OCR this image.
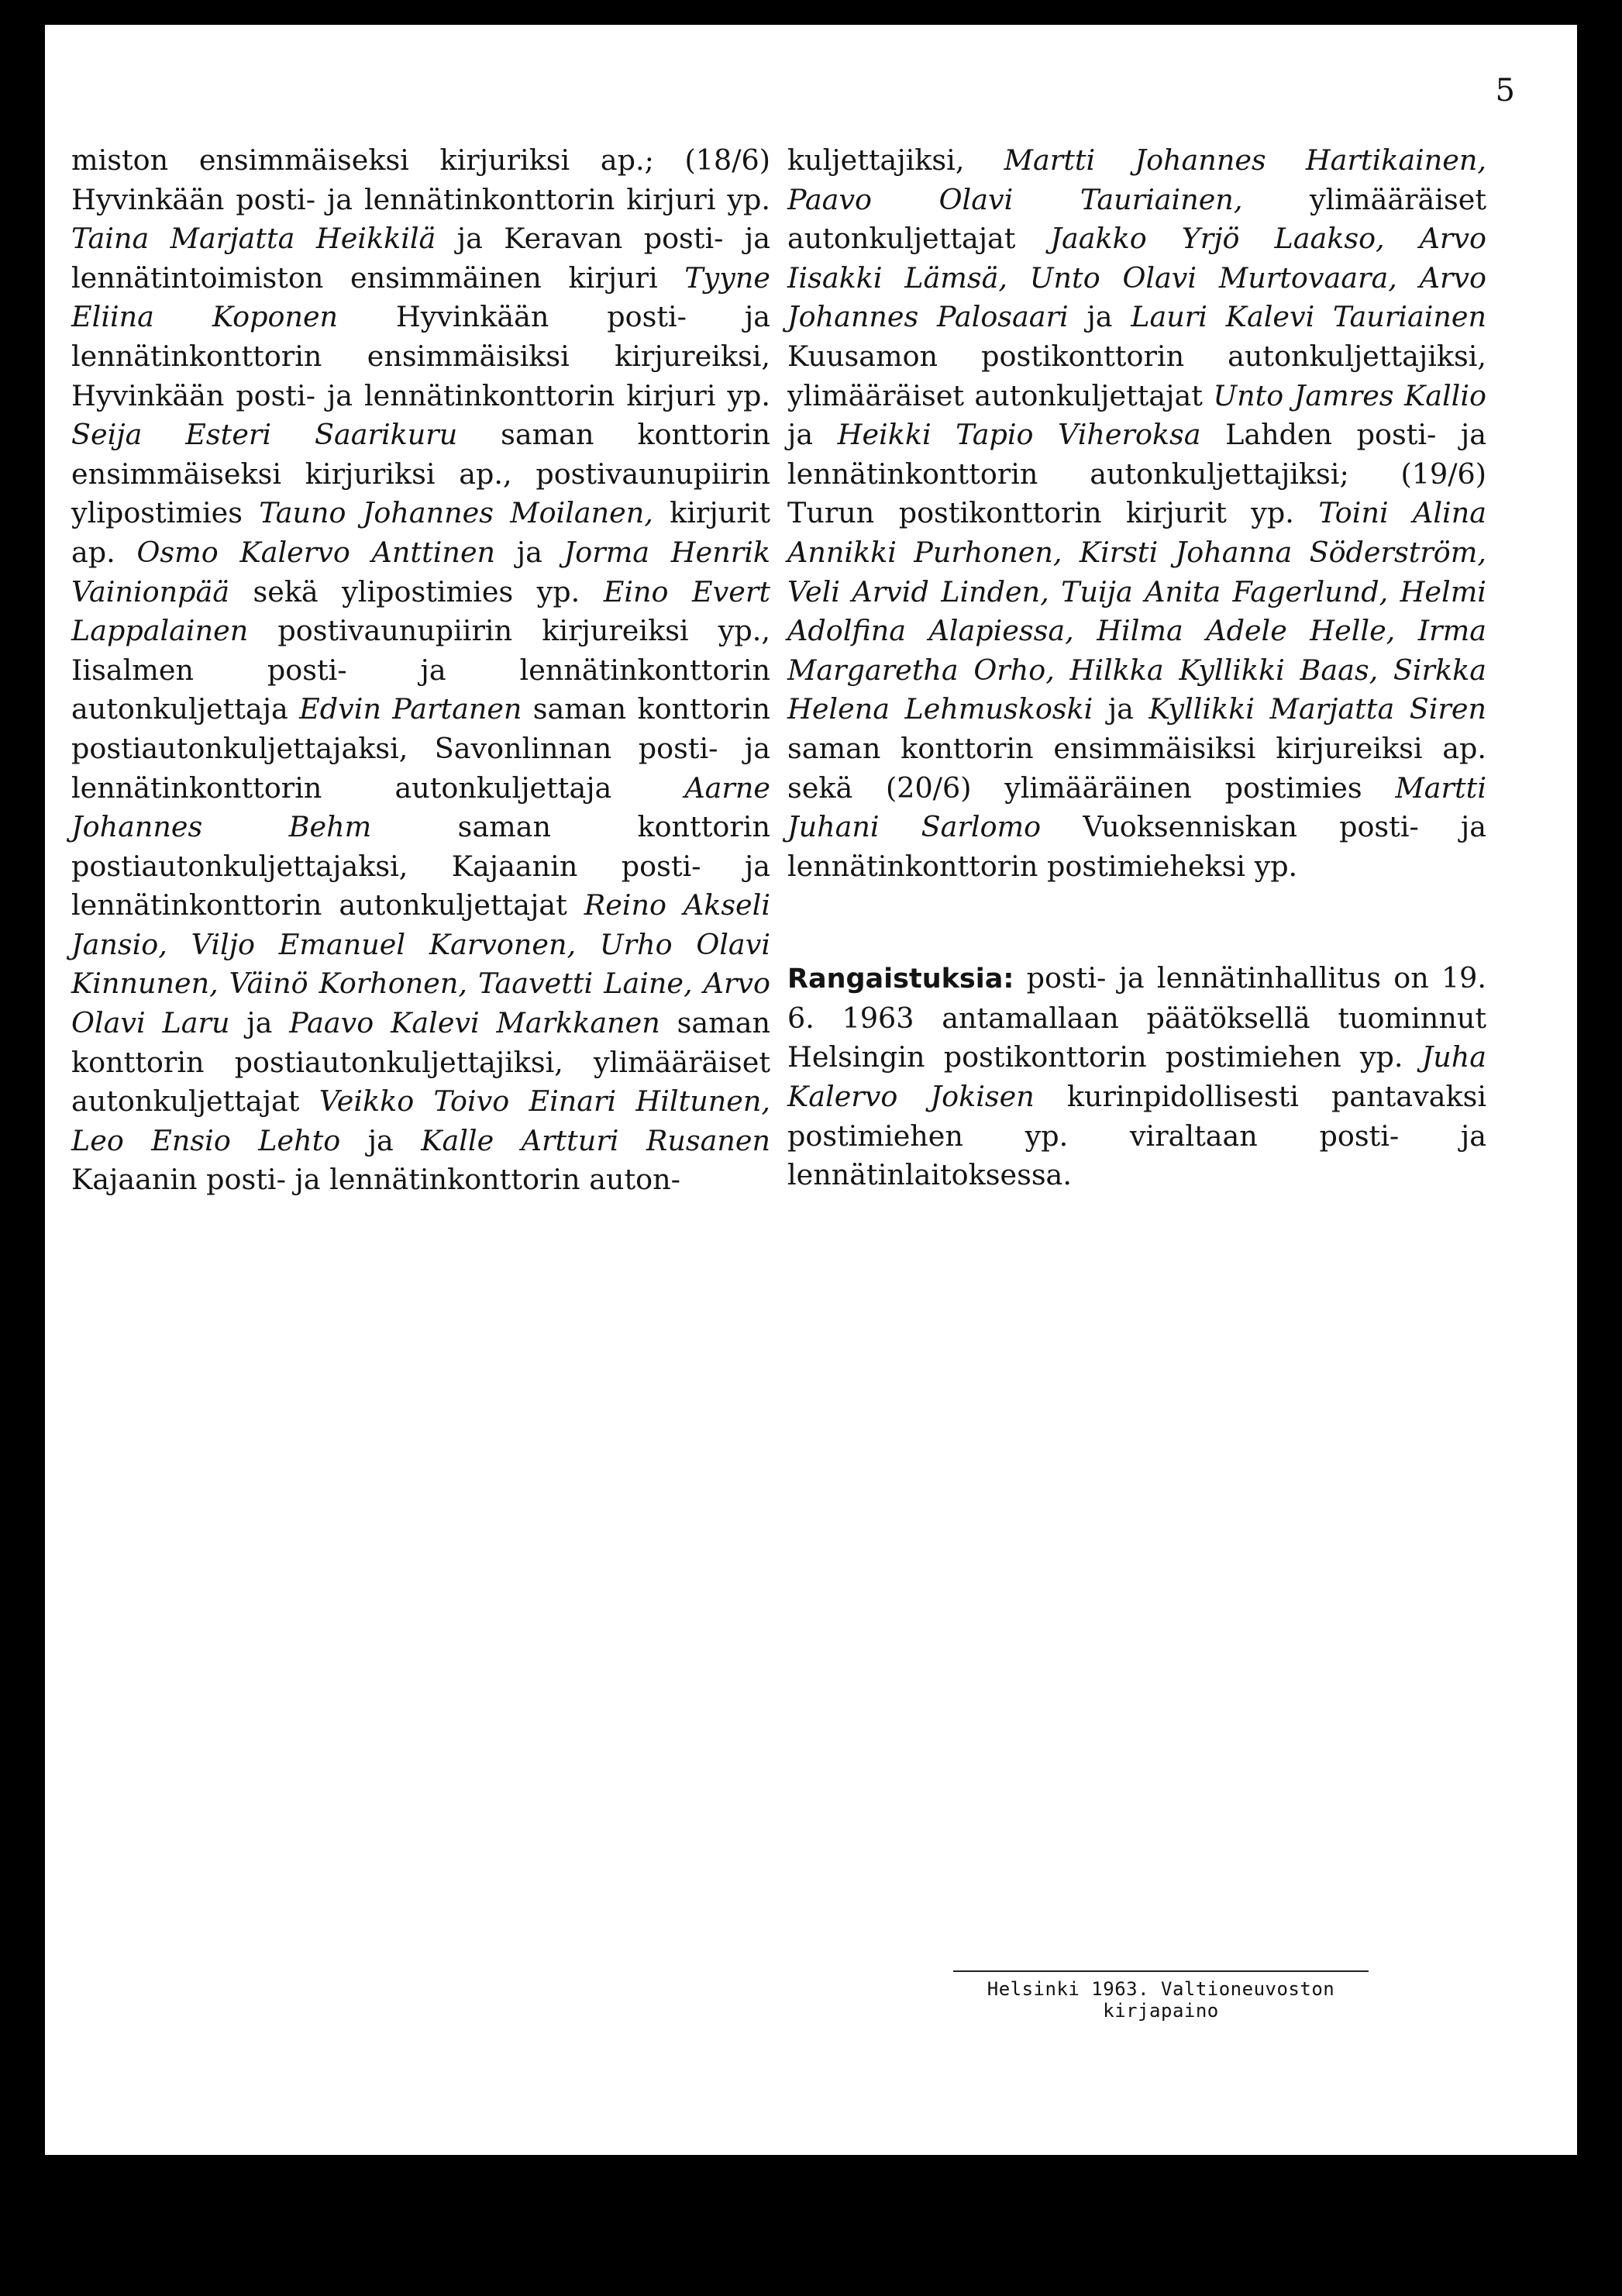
5
miston ensimmäiseksi kirjuriksi ap.; (18/6) Hyvinkään posti- ja lennätinkonttorin kirjuri yp. Taina Marjatta Heikkilä ja Keravan posti- ja lennätintoimiston ensimmäinen kirjuri Tyyne Eliina Koponen Hyvinkään posti- ja lennätinkonttorin ensimmäisiksi kirjureiksi, Hyvinkään posti- ja lennätinkonttorin kirjuri yp. Seija Esteri Saarikuru saman konttorin ensimmäiseksi kirjuriksi ap., postivaunupiirin ylipostimies Tauno Johannes Moilanen, kirjurit ap. Osmo Kalervo Anttinen ja Jorma Henrik Vainionpää sekä ylipostimies yp. Eino Evert Lappalainen postivaunupiirin kirjureiksi yp., Iisalmen posti- ja lennätinkonttorin autonkuljettaja Edvin Partanen saman konttorin postiautonkuljettajaksi, Savonlinnan posti- ja lennätinkonttorin autonkuljettaja Aarne Johannes Behm saman konttorin postiautonkuljettajaksi, Kajaanin posti- ja lennätinkonttorin autonkuljettajat Reino Akseli Jansio, Viljo Emanuel Karvonen, Urho Olavi Kinnunen, Väinö Korhonen, Taavetti Laine, Arvo Olavi Laru ja Paavo Kalevi Markkanen saman konttorin postiautonkuljettajiksi, ylimääräiset autonkuljettajat Veikko Toivo Einari Hiltunen, Leo Ensio Lehto ja Kalle Artturi Rusanen Kajaanin posti- ja lennätinkonttorin auton-
kuljettajiksi, Martti Johannes Hartikainen, Paavo Olavi Tauriainen, ylimääräiset autonkuljettajat Jaakko Yrjö Laakso, Arvo Iisakki Lämsä, Unto Olavi Murtovaara, Arvo Johannes Palosaari ja Lauri Kalevi Tauriainen Kuusamon postikonttorin autonkuljettajiksi, ylimääräiset autonkuljettajat Unto Jamres Kallio ja Heikki Tapio Viheroksa Lahden posti- ja lennätinkonttorin autonkuljettajiksi; (19/6) Turun postikonttorin kirjurit yp. Toini Alina Annikki Purhonen, Kirsti Johanna Söderström, Veli Arvid Linden, Tuija Anita Fagerlund, Helmi Adolfina Alapiessa, Hilma Adele Helle, Irma Margaretha Orho, Hilkka Kyllikki Baas, Sirkka Helena Lehmuskoski ja Kyllikki Marjatta Siren saman konttorin ensimmäisiksi kirjureiksi ap. sekä (20/6) ylimääräinen postimies Martti Juhani Sarlomo Vuoksenniskan posti- ja lennätinkonttorin postimieheksi yp.
Rangaistuksia: posti- ja lennätinhallitus on 19. 6. 1963 antamallaan päätöksellä tuominnut Helsingin postikonttorin postimiehen yp. Juha Kalervo Jokisen kurinpidollisesti pantavaksi postimiehen yp. viraltaan posti- ja lennätinlaitoksessa.
Helsinki 1963. Valtioneuvoston kirjapaino
